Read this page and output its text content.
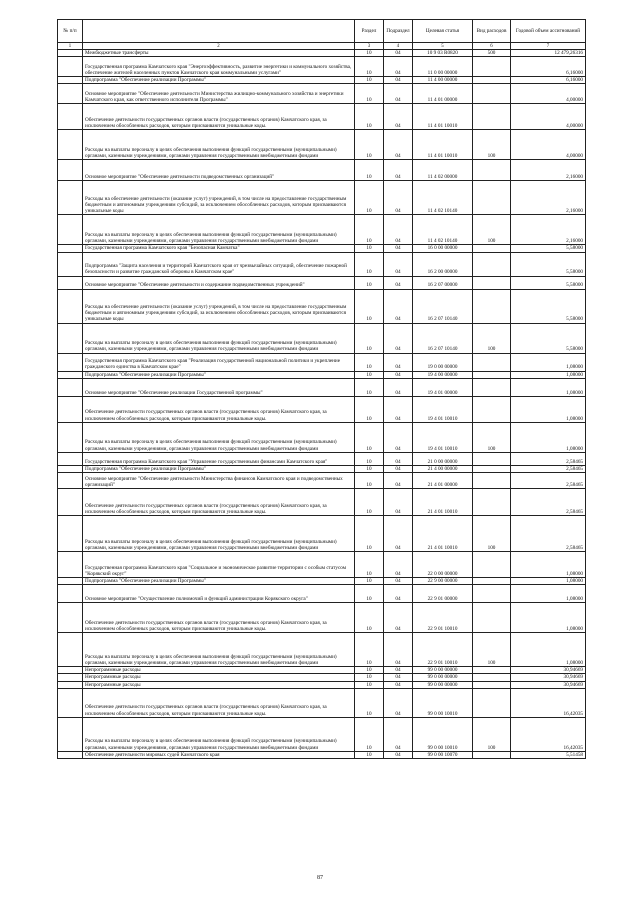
№ п/п		Раздел	Подраздел	Целевая статья	Вид расходов	Годовой объем ассигнований
1	2	3	4	5	6	7
	Межбюджетные трансферты	10	04	10 9 03 R0820	500	12 479,26316
	Государственная программа Камчатского края "Энергоэффективность, развитие энергетики и коммунального хозяйства, обеспечение жителей населенных пунктов Камчатского края коммунальными услугами"	10	04	11 0 00 00000		6,16000
	Подпрограмма "Обеспечение реализации Программы"	10	04	11 4 00 00000		6,16000
	Основное мероприятие "Обеспечение деятельности Министерства жилищно-коммунального хозяйства и энергетики Камчатского края, как ответственного исполнителя Программы"	10	04	11 4 01 00000		4,00000
	Обеспечение деятельности государственных органов власти (государственных органов) Камчатского края, за исключением обособленных расходов, которым присваиваются уникальные коды.	10	04	11 4 01 10010		4,00000
	Расходы на выплаты персоналу в целях обеспечения выполнения функций государственными (муниципальными) органами, казенными учреждениями, органами управления государственными внебюджетными фондами	10	04	11 4 01 10010	100	4,00000
	Основное мероприятие "Обеспечение деятельности подведомственных организаций"	10	04	11 4 02 00000		2,16000
	Расходы на обеспечение деятельности (оказание услуг) учреждений, в том числе на предоставление государственным бюджетным и автономным учреждениям субсидий, за исключением обособленных расходов, которым присваиваются уникальные коды	10	04	11 4 02 10140		2,16000
	Расходы на выплаты персоналу в целях обеспечения выполнения функций государственными (муниципальными) органами, казенными учреждениями, органами управления государственными внебюджетными фондами	10	04	11 4 02 10140	100	2,16000
	Государственная программа Камчатского края "Безопасная Камчатка"	10	04	16 0 00 00000		5,58000
	Подпрограмма "Защита населения и территорий Камчатского края от чрезвычайных ситуаций, обеспечение пожарной безопасности и развитие гражданской обороны в Камчатском крае"	10	04	16 2 00 00000		5,58000
	Основное мероприятие "Обеспечение деятельности и содержание подведомственных учреждений"	10	04	16 2 07 00000		5,58000
	Расходы на обеспечение деятельности (оказание услуг) учреждений, в том числе на предоставление государственным бюджетным и автономным учреждениям субсидий, за исключением обособленных расходов, которым присваиваются уникальные коды	10	04	16 2 07 10140		5,58000
	Расходы на выплаты персоналу в целях обеспечения выполнения функций государственными (муниципальными) органами, казенными учреждениями, органами управления государственными внебюджетными фондами	10	04	16 2 07 10140	100	5,58000
	Государственная программа Камчатского края "Реализация государственной национальной политики и укрепление гражданского единства в Камчатском крае"	10	04	19 0 00 00000		1,08000
	Подпрограмма "Обеспечение реализации Программы"	10	04	19 4 00 00000		1,08000
	Основное мероприятие "Обеспечение реализации Государственной программы"	10	04	19 4 01 00000		1,08000
	Обеспечение деятельности государственных органов власти (государственных органов) Камчатского края, за исключением обособленных расходов, которым присваиваются уникальные коды.	10	04	19 4 01 10010		1,08000
	Расходы на выплаты персоналу в целях обеспечения выполнения функций государственными (муниципальными) органами, казенными учреждениями, органами управления государственными внебюджетными фондами	10	04	19 4 01 10010	100	1,08000
	Государственная программа Камчатского края "Управление государственными финансами Камчатского края"	10	04	21 0 00 00000		2,58465
	Подпрограмма "Обеспечение реализации Программы"	10	04	21 4 00 00000		2,58465
	Основное мероприятие "Обеспечение деятельности Министерства финансов Камчатского края и подведомственных организаций"	10	04	21 4 01 00000		2,58465
	Обеспечение деятельности государственных органов власти (государственных органов) Камчатского края, за исключением обособленных расходов, которым присваиваются уникальные коды.	10	04	21 4 01 10010		2,58465
	Расходы на выплаты персоналу в целях обеспечения выполнения функций государственными (муниципальными) органами, казенными учреждениями, органами управления государственными внебюджетными фондами	10	04	21 4 01 10010	100	2,58465
	Государственная программа Камчатского края "Социальное и экономическое развитие территории с особым статусом "Корякский округ"	10	04	22 0 00 00000		1,08000
	Подпрограмма "Обеспечение реализации Программы"	10	04	22 9 00 00000		1,08000
	Основное мероприятие "Осуществление полномочий и функций администрации Корякского округа"	10	04	22 9 01 00000		1,08000
	Обеспечение деятельности государственных органов власти (государственных органов) Камчатского края, за исключением обособленных расходов, которым присваиваются уникальные коды.	10	04	22 9 01 10010		1,08000
	Расходы на выплаты персоналу в целях обеспечения выполнения функций государственными (муниципальными) органами, казенными учреждениями, органами управления государственными внебюджетными фондами	10	04	22 9 01 10010	100	1,08000
	Непрограммные расходы	10	04	99 0 00 00000		30,94669
	Непрограммные расходы	10	04	99 0 00 00000		30,94669
	Непрограммные расходы	10	04	99 0 00 00000		30,94669
	Обеспечение деятельности государственных органов власти (государственных органов) Камчатского края, за исключением обособленных расходов, которым присваиваются уникальные коды.	10	04	99 0 00 10010		16,42035
	Расходы на выплаты персоналу в целях обеспечения выполнения функций государственными (муниципальными) органами, казенными учреждениями, органами управления государственными внебюджетными фондами	10	04	99 0 00 10010	100	16,42035
	Обеспечение деятельности мировых судей Камчатского края	10	04	99 0 00 10070		5,51458
87
